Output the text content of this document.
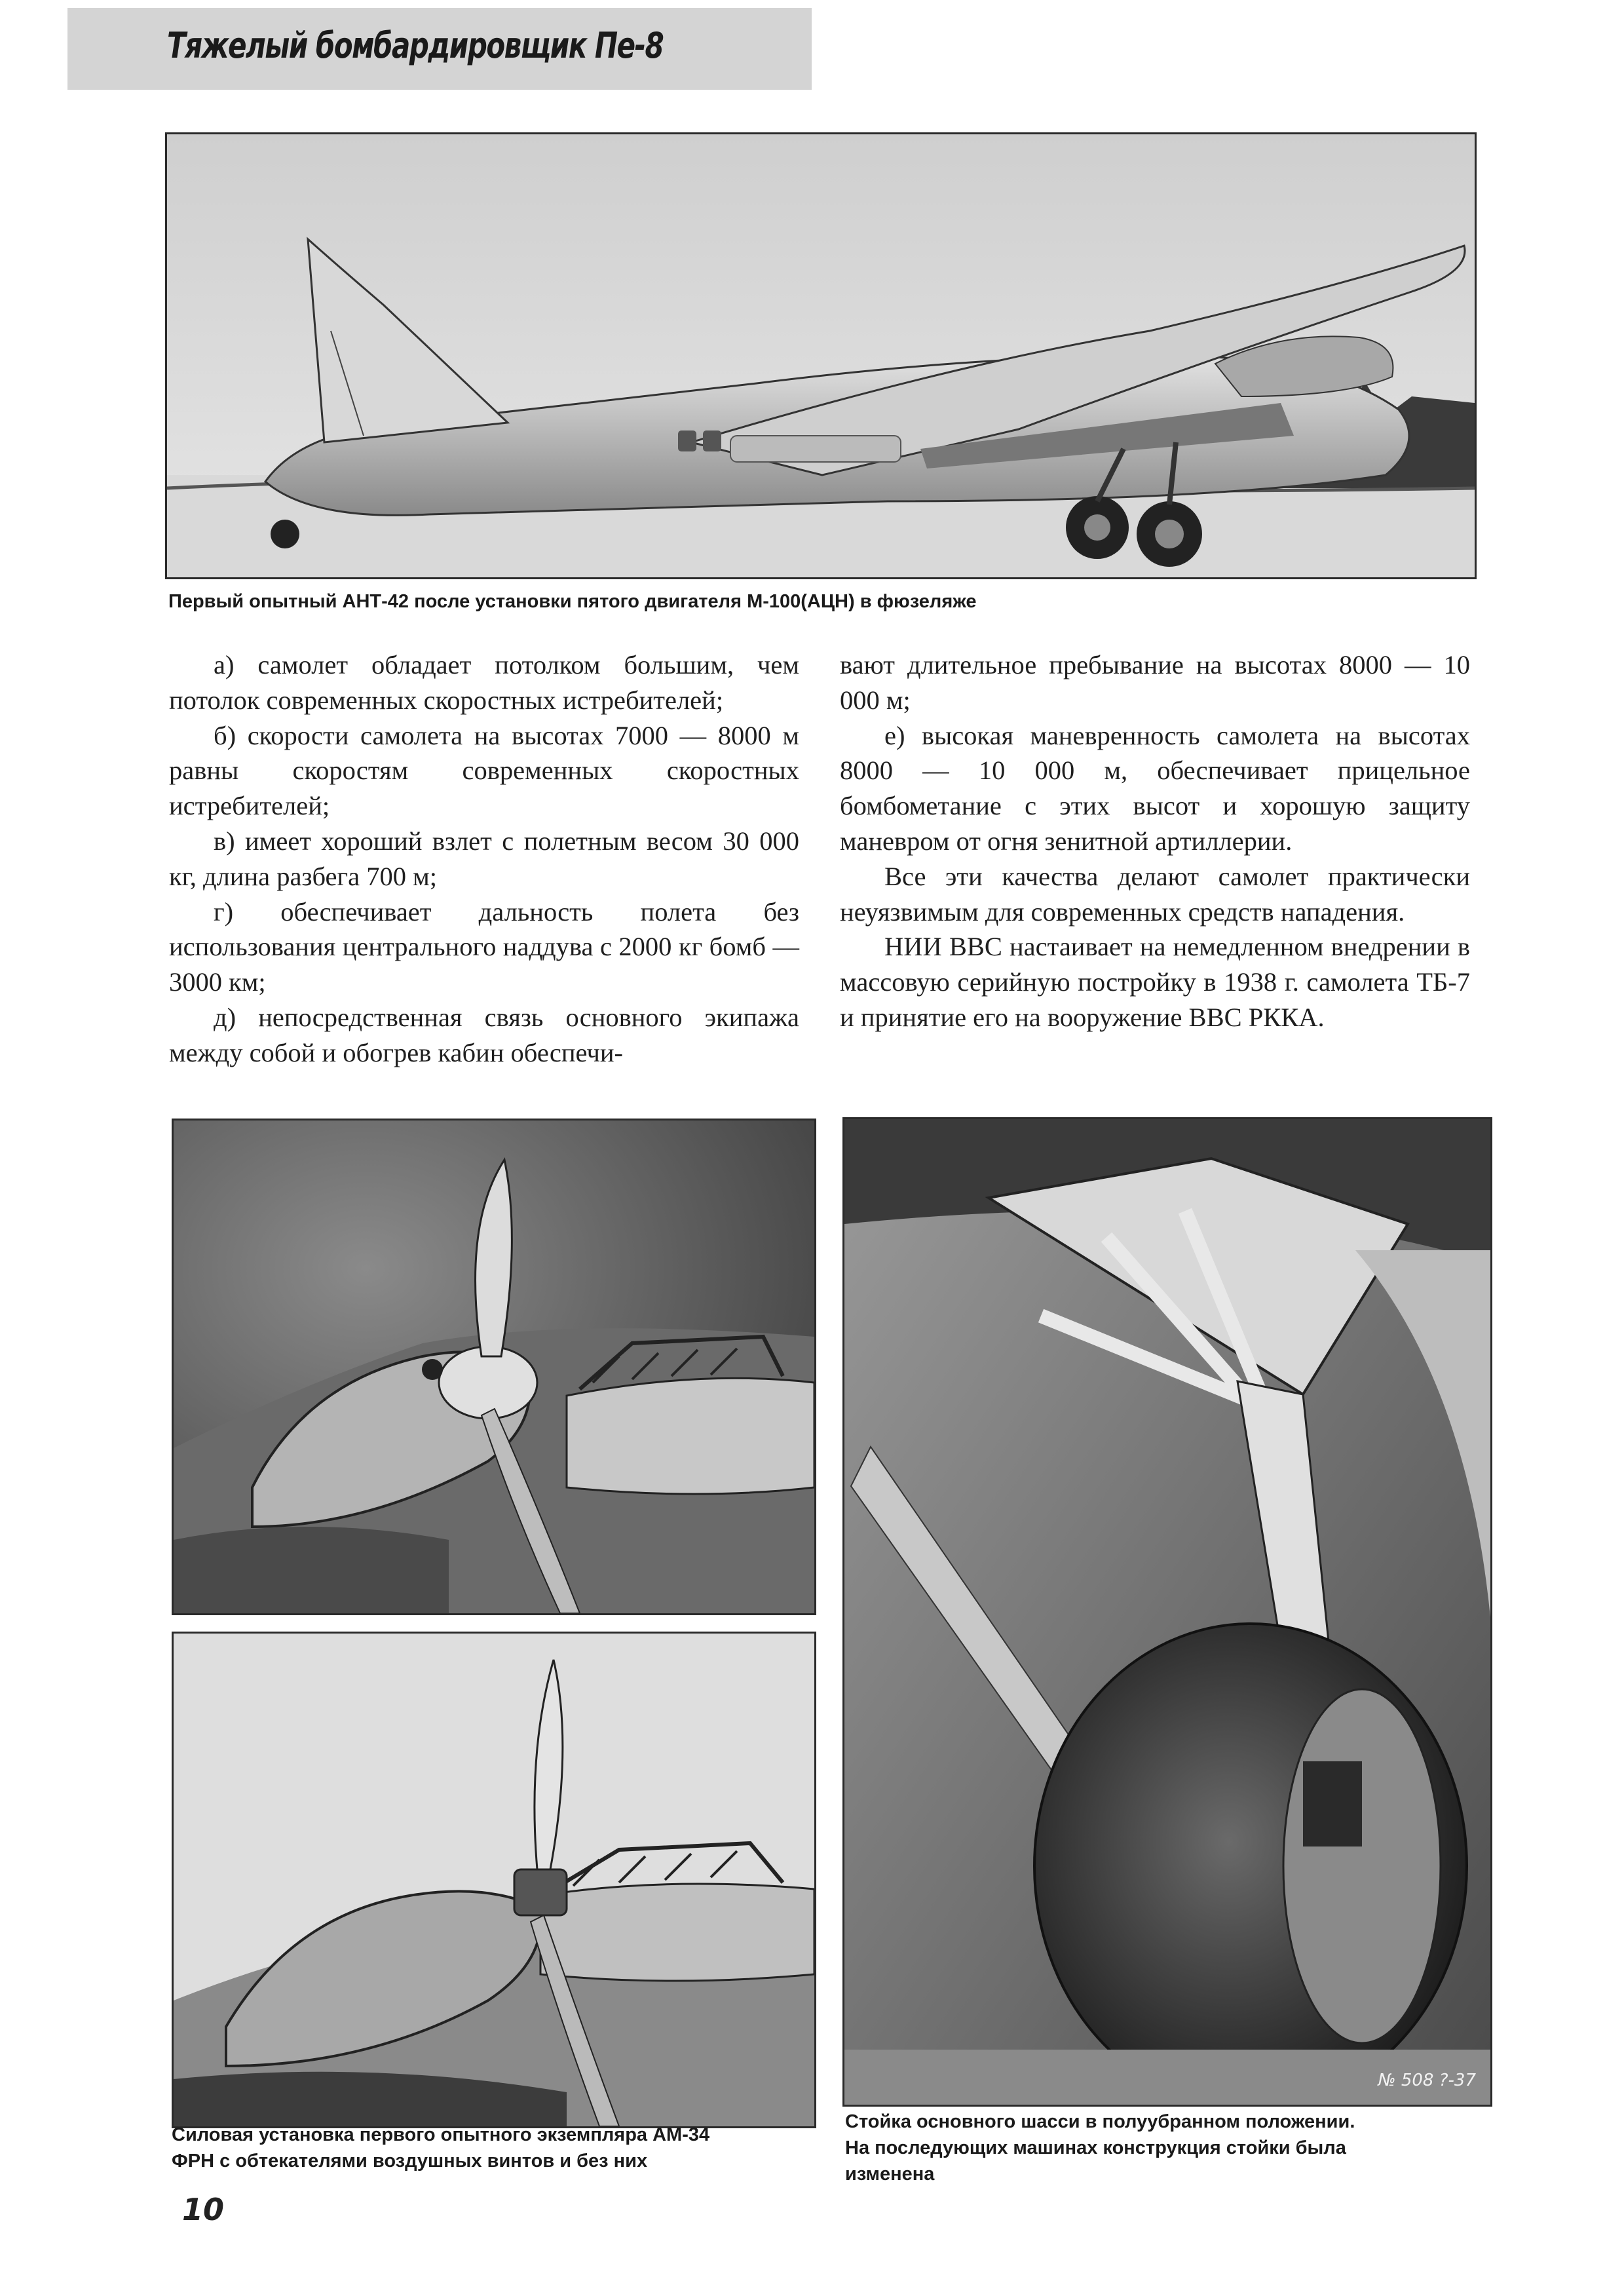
Тяжелый бомбардировщик Пе-8
Первый опытный АНТ-42 после установки пятого двигателя М-100(АЦН) в фюзеляже

а) самолет обладает потолком большим, чем потолок современных скоростных истребителей;

б) скорости самолета на высотах 7000 — 8000 м равны скоростям современных скоростных истребителей;

в) имеет хороший взлет с полетным весом 30 000 кг, длина разбега 700 м;

г) обеспечивает дальность полета без использования центрального наддува с 2000 кг бомб — 3000 км;

д) непосредственная связь основного экипажа между собой и обогрев кабин обеспечи-

вают длительное пребывание на высотах 8000 — 10 000 м;

е) высокая маневренность самолета на высотах 8000 — 10 000 м, обеспечивает прицельное бомбометание с этих высот и хорошую защиту маневром от огня зенитной артиллерии.

Все эти качества делают самолет практически неуязвимым для современных средств нападения.

НИИ ВВС настаивает на немедленном внедрении в массовую серийную постройку в 1938 г. самолета ТБ-7 и принятие его на вооружение ВВС РККА.

Силовая установка первого опытного экземпляра АМ-34
ФРН с обтекателями воздушных винтов и без них
№ 508 ?-37
Стойка основного шасси в полуубранном положении.
На последующих машинах конструкция стойки была
изменена
10
